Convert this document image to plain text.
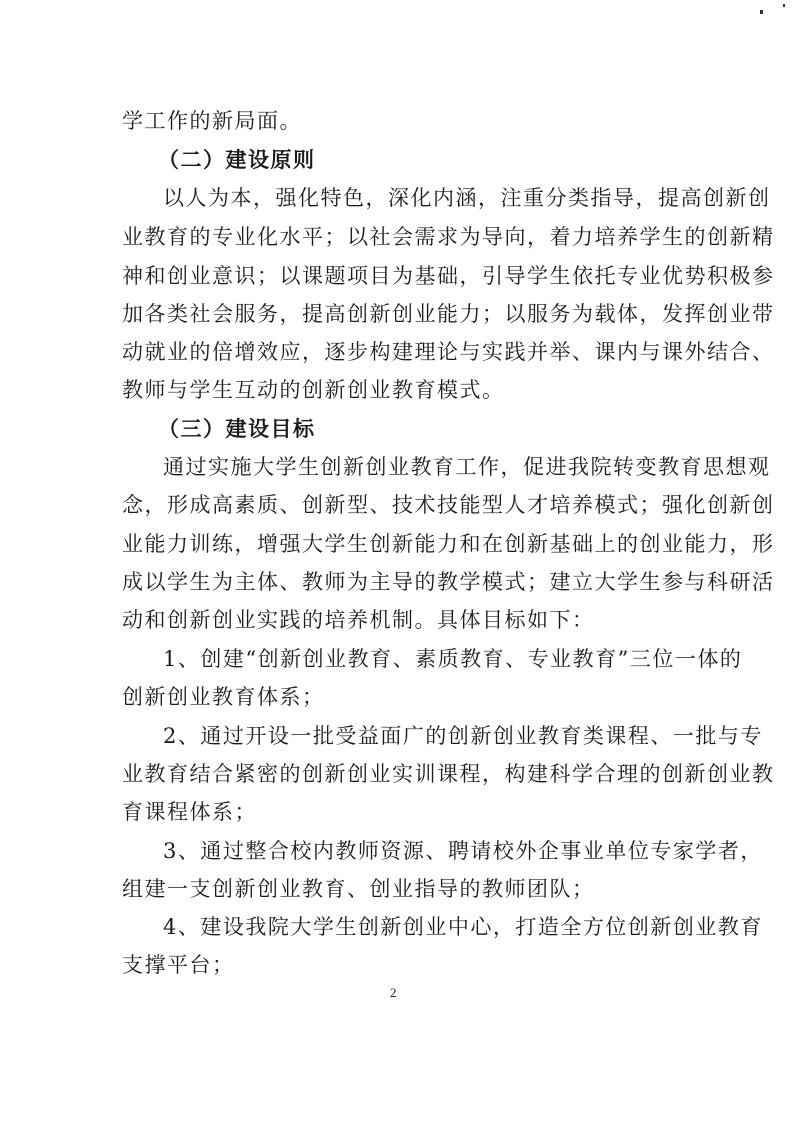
学工作的新局面。
（二）建设原则
以人为本，强化特色，深化内涵，注重分类指导，提高创新创
业教育的专业化水平；以社会需求为导向，着力培养学生的创新精
神和创业意识；以课题项目为基础，引导学生依托专业优势积极参
加各类社会服务，提高创新创业能力；以服务为载体，发挥创业带
动就业的倍增效应，逐步构建理论与实践并举、课内与课外结合、
教师与学生互动的创新创业教育模式。
（三）建设目标
通过实施大学生创新创业教育工作，促进我院转变教育思想观
念，形成高素质、创新型、技术技能型人才培养模式；强化创新创
业能力训练，增强大学生创新能力和在创新基础上的创业能力，形
成以学生为主体、教师为主导的教学模式；建立大学生参与科研活
动和创新创业实践的培养机制。具体目标如下：
1、创建“创新创业教育、素质教育、专业教育”三位一体的
创新创业教育体系；
2、通过开设一批受益面广的创新创业教育类课程、一批与专
业教育结合紧密的创新创业实训课程，构建科学合理的创新创业教
育课程体系；
3、通过整合校内教师资源、聘请校外企事业单位专家学者，
组建一支创新创业教育、创业指导的教师团队；
4、建设我院大学生创新创业中心，打造全方位创新创业教育
支撑平台；
2
